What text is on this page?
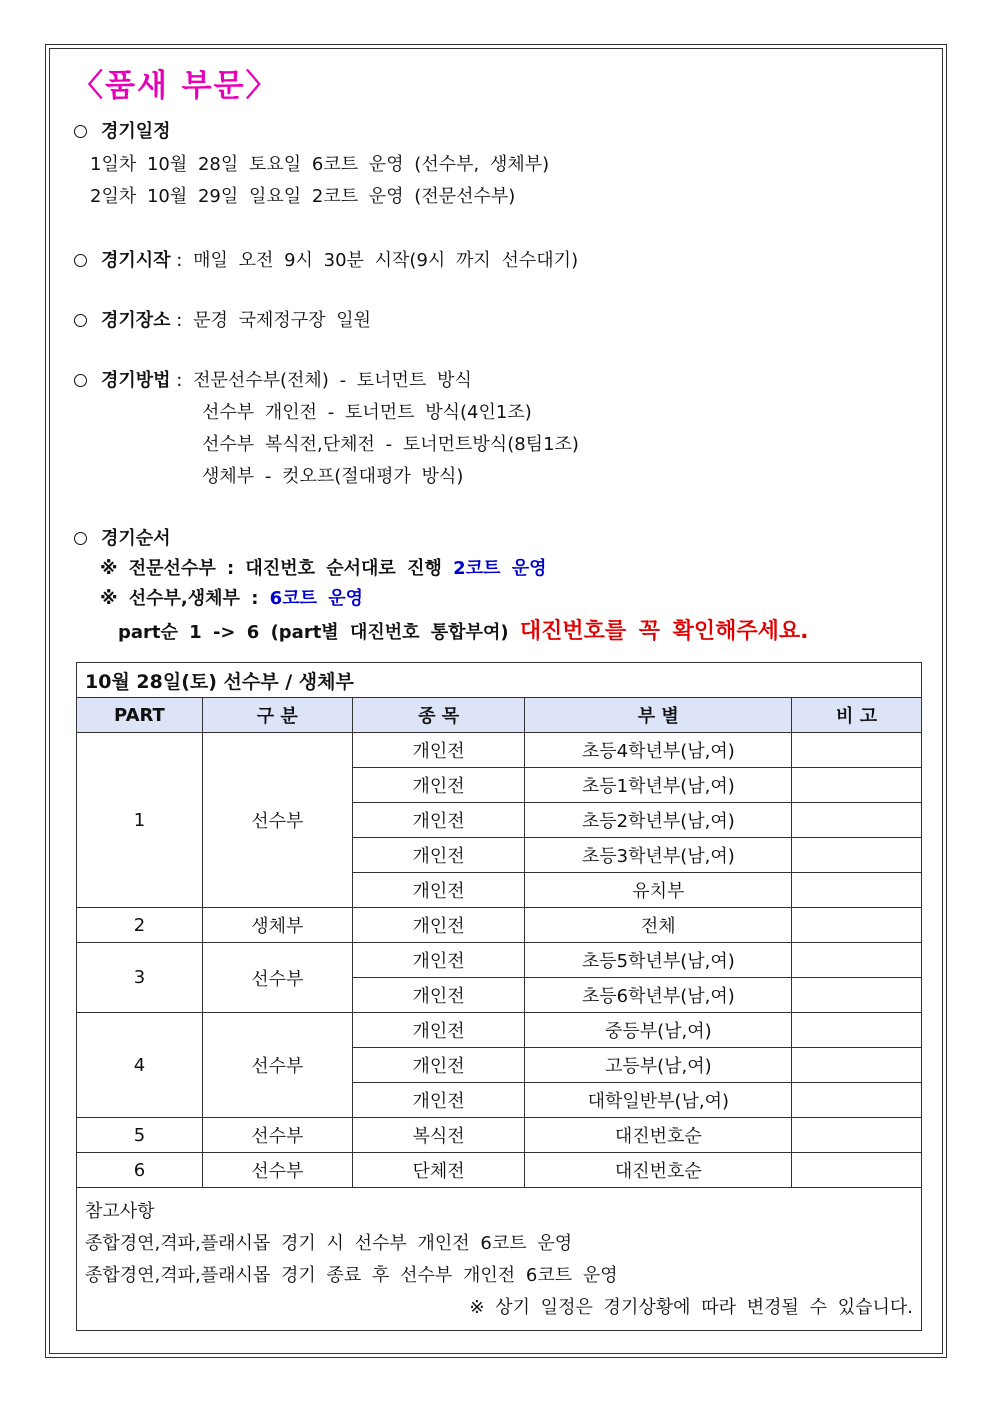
〈품새 부문〉
경기일정
1일차 10월 28일 토요일 6코트 운영 (선수부, 생체부)
2일차 10월 29일 일요일 2코트 운영 (전문선수부)
경기시작 : 매일 오전 9시 30분 시작(9시 까지 선수대기)
경기장소 : 문경 국제정구장 일원
경기방법 : 전문선수부(전체) - 토너먼트 방식
선수부 개인전 - 토너먼트 방식(4인1조)
선수부 복식전,단체전 - 토너먼트방식(8팀1조)
생체부 - 컷오프(절대평가 방식)
경기순서
※ 전문선수부 : 대진번호 순서대로 진행 2코트 운영
※ 선수부,생체부 : 6코트 운영
part순 1 -> 6 (part별 대진번호 통합부여) 대진번호를 꼭 확인해주세요.
10월 28일(토) 선수부 / 생체부				
PART	구 분	종 목	부 별	비 고
1	선수부	개인전	초등4학년부(남,여)	
		개인전	초등1학년부(남,여)	
		개인전	초등2학년부(남,여)	
		개인전	초등3학년부(남,여)	
		개인전	유치부	
2	생체부	개인전	전체	
3	선수부	개인전	초등5학년부(남,여)	
		개인전	초등6학년부(남,여)	
4	선수부	개인전	중등부(남,여)	
		개인전	고등부(남,여)	
		개인전	대학일반부(남,여)	
5	선수부	복식전	대진번호순	
6	선수부	단체전	대진번호순	

참고사항
종합경연,격파,플래시몹 경기 시 선수부 개인전 6코트 운영
종합경연,격파,플래시몹 경기 종료 후 선수부 개인전 6코트 운영
※ 상기 일정은 경기상황에 따라 변경될 수 있습니다.				
